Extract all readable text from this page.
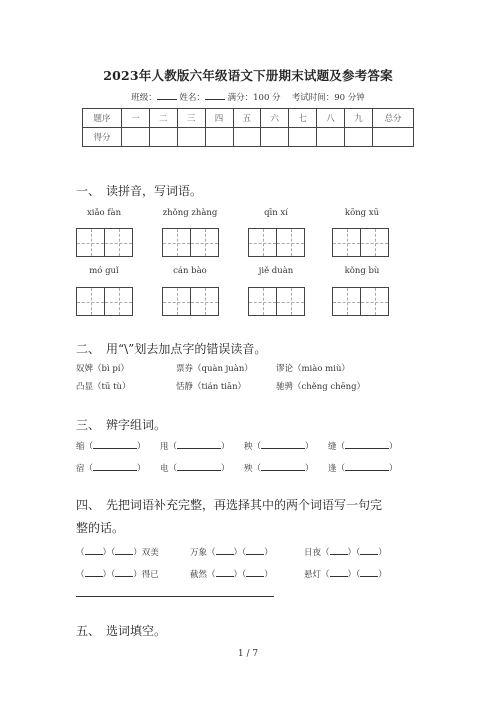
2023年人教版六年级语文下册期末试题及参考答案
班级：	姓名：	满分：100 分　 考试时间：90 分钟
题序	一	二	三	四	五	六	七	八	九	总分
得分										
一、　读拼音，写词语。
xiǎo fàn	zhǒng zhàng	qīn xí	kōng xū
mó guǐ	cán bào	jiě duàn	kǒng bù
二、　用“\”划去加点字的错误读音。
奴婢（bì pí）	票券（quàn juàn）	谬论（miào miù）
凸显（tū tù）	恬静（tián tiān）	驰骋（chěng chēng）
三、　辨字组词。
缩（	） 甩（	） 秧（	） 缝（	）
宿（	） 电（	） 殃（	） 逢（	）
四、　先把词语补充完整，再选择其中的两个词语写一句完
整的话。
（ ）（ ）双美	万象（ ）（ ）	日夜（ ）（ ）
（ ）（ ）得已	截然（ ）（ ）	悬灯（ ）（ ）
五、　选词填空。
1 / 7
